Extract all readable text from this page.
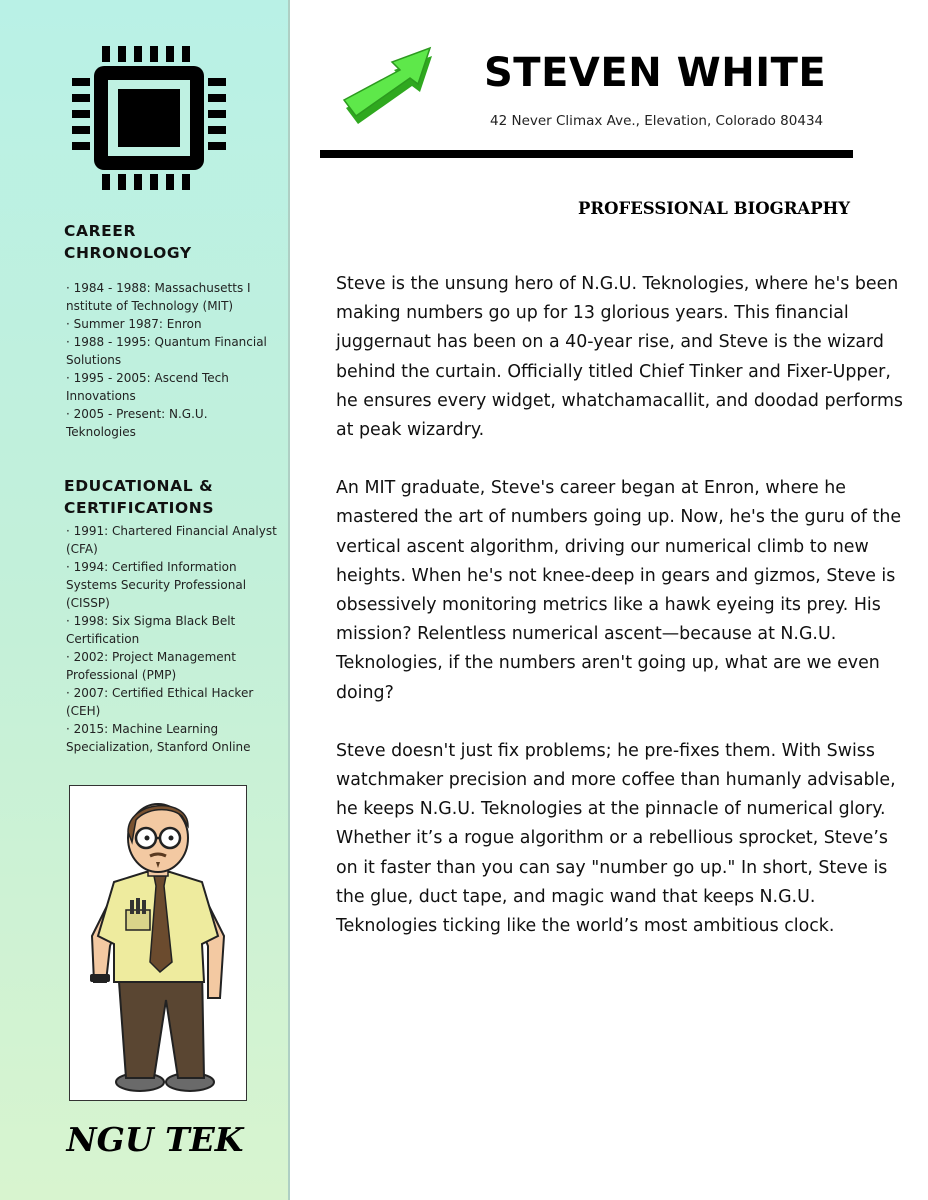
CAREER
CHRONOLOGY
· 1984 - 1988: Massachusetts I nstitute of Technology (MIT)
· Summer 1987: Enron
· 1988 - 1995: Quantum Financial Solutions
· 1995 - 2005: Ascend Tech Innovations
· 2005 - Present: N.G.U. Teknologies
EDUCATIONAL &
CERTIFICATIONS
· 1991: Chartered Financial Analyst (CFA)
· 1994: Certified Information Systems Security Professional (CISSP)
· 1998: Six Sigma Black Belt Certification
· 2002: Project Management Professional (PMP)
· 2007: Certified Ethical Hacker (CEH)
· 2015: Machine Learning Specialization, Stanford Online

NGU TEK

STEVEN WHITE

42 Never Climax Ave., Elevation, Colorado 80434

PROFESSIONAL BIOGRAPHY

Steve is the unsung hero of N.G.U. Teknologies, where he's been making numbers go up for 13 glorious years. This financial juggernaut has been on a 40-year rise, and Steve is the wizard behind the curtain. Officially titled Chief Tinker and Fixer-Upper, he ensures every widget, whatchamacallit, and doodad performs at peak wizardry.

An MIT graduate, Steve's career began at Enron, where he mastered the art of numbers going up. Now, he's the guru of the vertical ascent algorithm, driving our numerical climb to new heights. When he's not knee-deep in gears and gizmos, Steve is obsessively monitoring metrics like a hawk eyeing its prey. His mission? Relentless numerical ascent—because at N.G.U. Teknologies, if the numbers aren't going up, what are we even doing?

Steve doesn't just fix problems; he pre-fixes them. With Swiss watchmaker precision and more coffee than humanly advisable, he keeps N.G.U. Teknologies at the pinnacle of numerical glory. Whether it’s a rogue algorithm or a rebellious sprocket, Steve’s on it faster than you can say "number go up." In short, Steve is the glue, duct tape, and magic wand that keeps N.G.U. Teknologies ticking like the world’s most ambitious clock.
